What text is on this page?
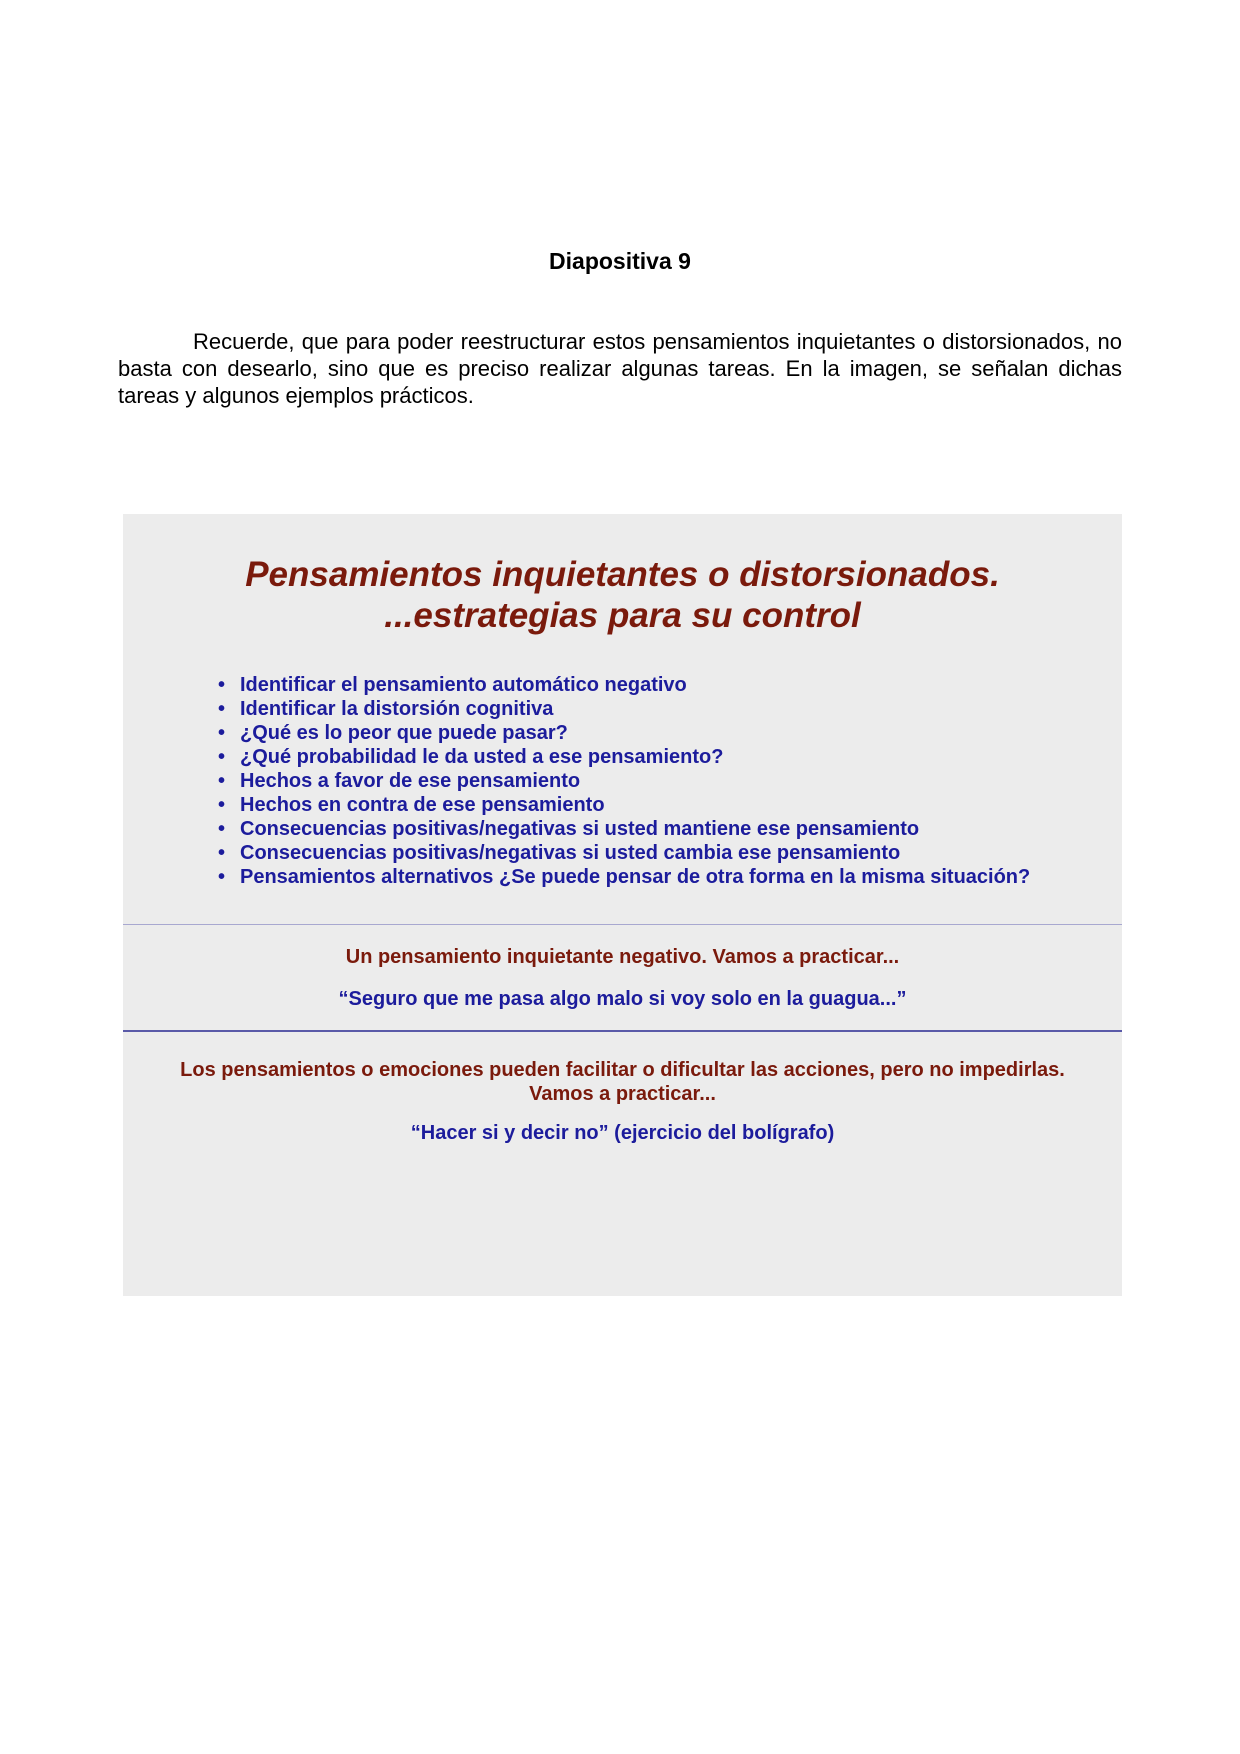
Diapositiva 9

Recuerde, que para poder reestructurar estos pensamientos inquietantes o distorsionados, no basta con desearlo, sino que es preciso realizar algunas tareas. En la imagen, se señalan dichas tareas y algunos ejemplos prácticos.

Pensamientos inquietantes o distorsionados.
...estrategias para su control
• Identificar el pensamiento automático negativo
• Identificar la distorsión cognitiva
• ¿Qué es lo peor que puede pasar?
• ¿Qué probabilidad le da usted a ese pensamiento?
• Hechos a favor de ese pensamiento
• Hechos en contra de ese pensamiento
• Consecuencias positivas/negativas si usted mantiene ese pensamiento
• Consecuencias positivas/negativas si usted cambia ese pensamiento
• Pensamientos alternativos ¿Se puede pensar de otra forma en la misma situación?
Un pensamiento inquietante negativo. Vamos a practicar...
“Seguro que me pasa algo malo si voy solo en la guagua...”
Los pensamientos o emociones pueden facilitar o dificultar las acciones, pero no impedirlas.
Vamos a practicar...
“Hacer si y decir no” (ejercicio del bolígrafo)
